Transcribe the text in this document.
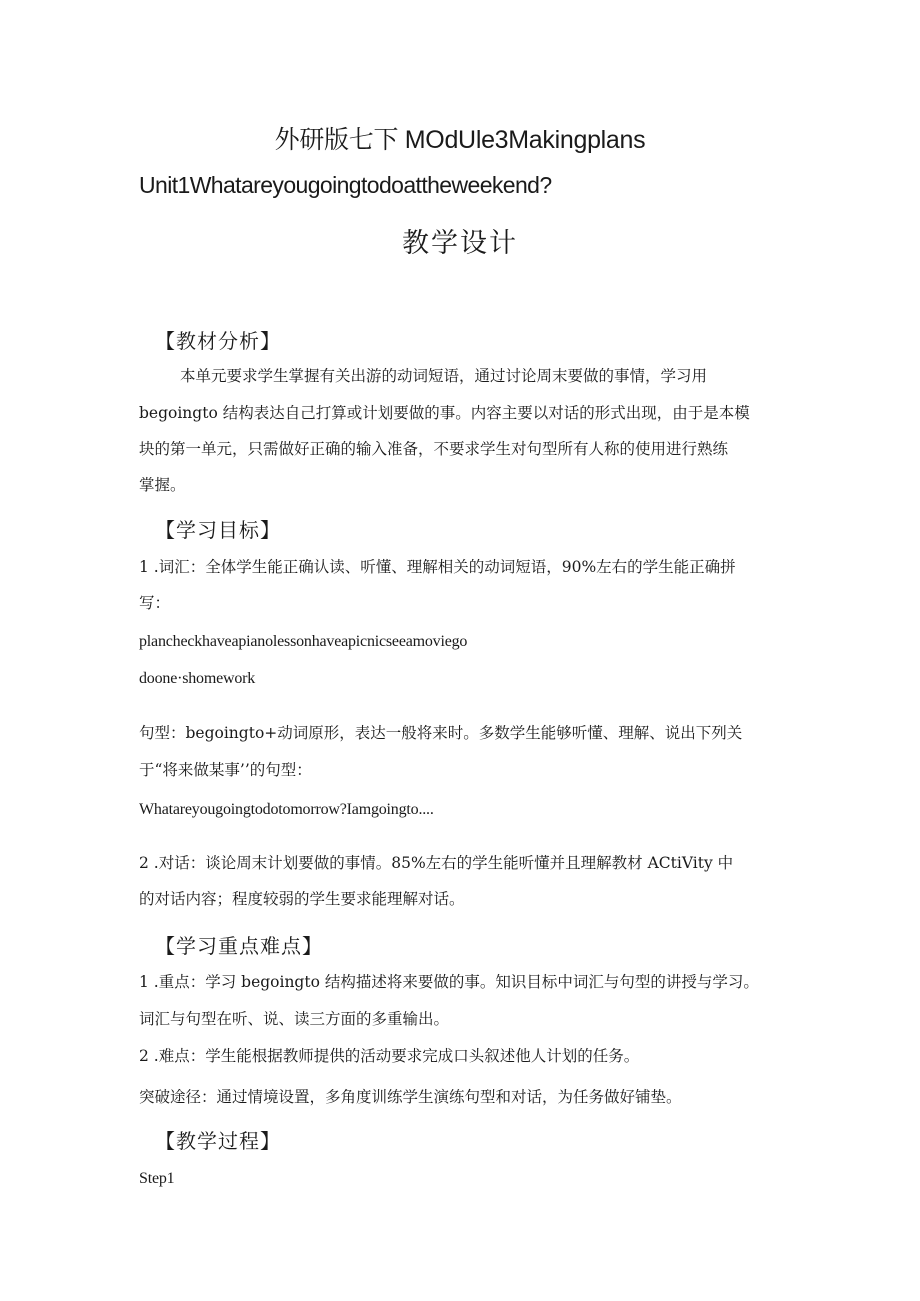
外研版七下 MOdUle3Makingplans
Unit1Whatareyougoingtodoattheweekend?
教学设计
【教材分析】
本单元要求学生掌握有关出游的动词短语，通过讨论周末要做的事情，学习用
begoingto 结构表达自己打算或计划要做的事。内容主要以对话的形式出现，由于是本模
块的第一单元，只需做好正确的输入准备，不要求学生对句型所有人称的使用进行熟练
掌握。
【学习目标】
1 .词汇：全体学生能正确认读、听懂、理解相关的动词短语，90%左右的学生能正确拼
写：
plancheckhaveapianolessonhaveapicnicseeamoviego
doone·shomework
句型：begoingto+动词原形，表达一般将来时。多数学生能够听懂、理解、说出下列关
于“将来做某事’’的句型：
Whatareyougoingtodotomorrow?Iamgoingto....
2 .对话：谈论周末计划要做的事情。85%左右的学生能听懂并且理解教材 ACtiVity 中
的对话内容；程度较弱的学生要求能理解对话。
【学习重点难点】
1 .重点：学习 begoingto 结构描述将来要做的事。知识目标中词汇与句型的讲授与学习。
词汇与句型在听、说、读三方面的多重输出。
2 .难点：学生能根据教师提供的活动要求完成口头叙述他人计划的任务。
突破途径：通过情境设置，多角度训练学生演练句型和对话，为任务做好铺垫。
【教学过程】
Step1
